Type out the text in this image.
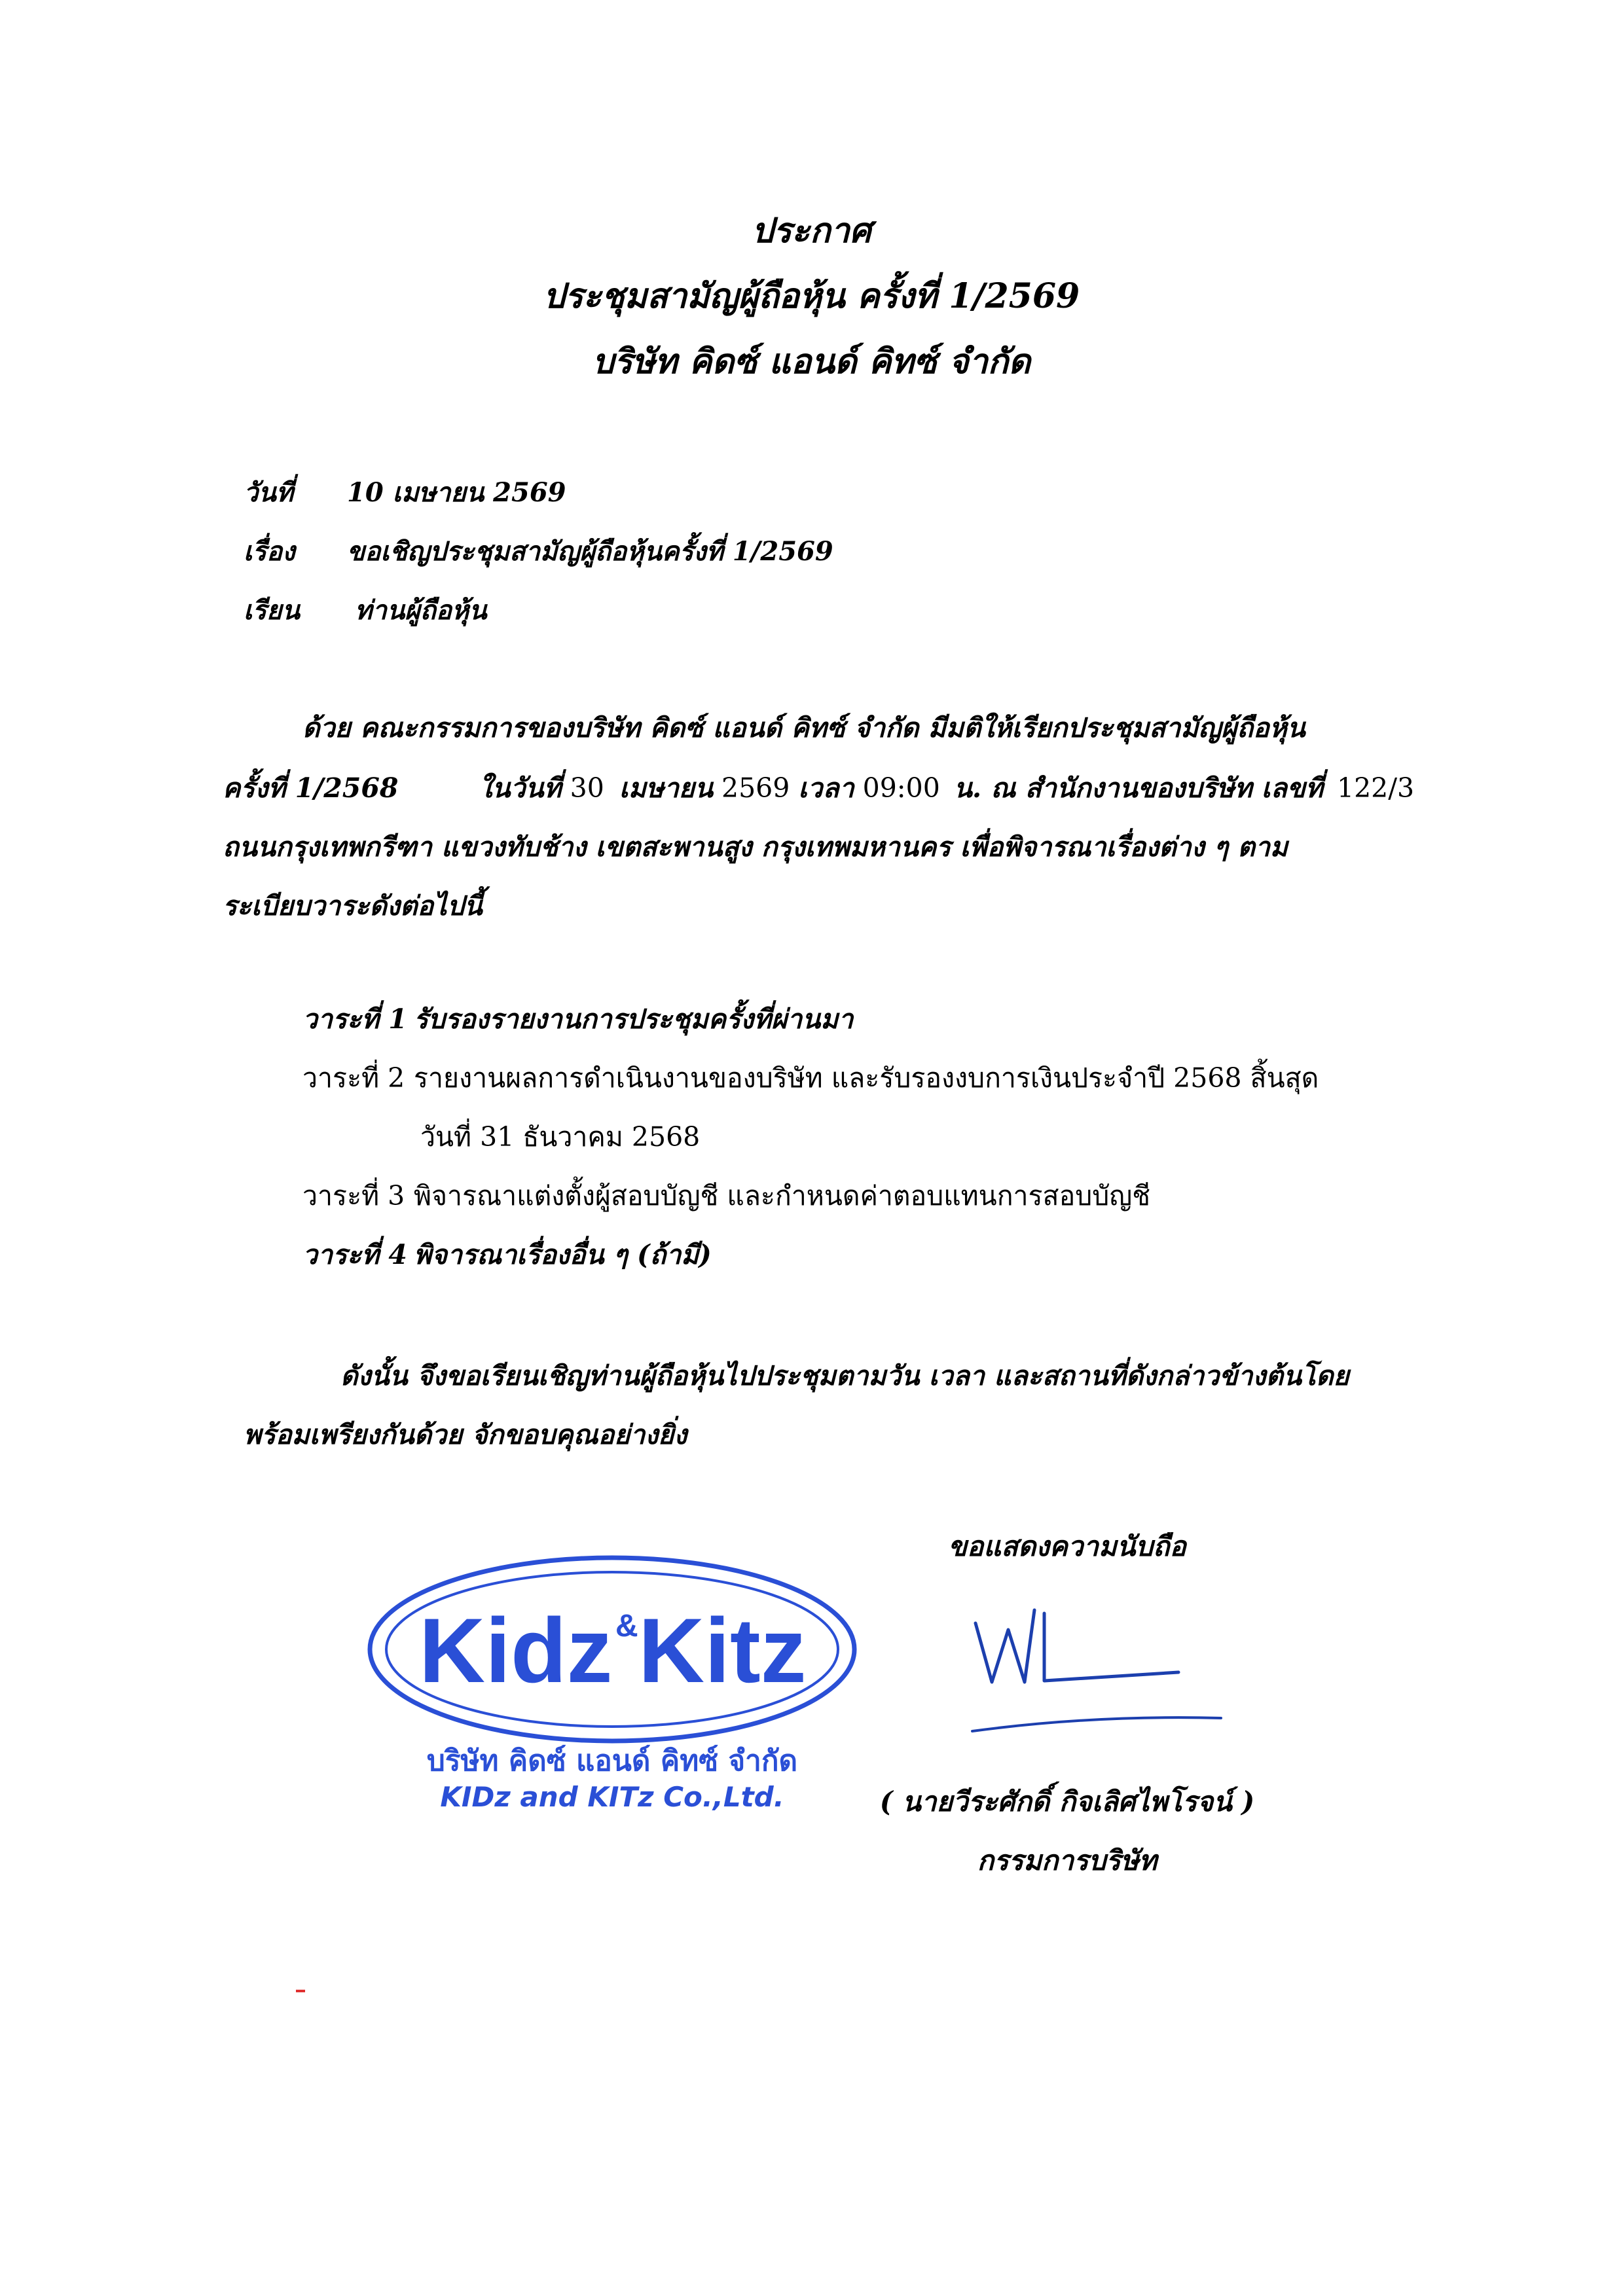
ประกาศ
ประชุมสามัญผู้ถือหุ้น ครั้งที่ 1/2569
บริษัท คิดซ์ แอนด์ คิทซ์ จำกัด
วันที่ 10 เมษายน 2569
เรื่อง ขอเชิญประชุมสามัญผู้ถือหุ้นครั้งที่ 1/2569
เรียน ท่านผู้ถือหุ้น
ด้วย คณะกรรมการของบริษัท คิดซ์ แอนด์ คิทซ์ จำกัด มีมติให้เรียกประชุมสามัญผู้ถือหุ้น
ครั้งที่ 1/2568	ในวันที่ 30 เมษายน 2569 เวลา 09:00 น. ณ สำนักงานของบริษัท เลขที่ 122/3
ถนนกรุงเทพกรีฑา แขวงทับช้าง เขตสะพานสูง กรุงเทพมหานคร เพื่อพิจารณาเรื่องต่าง ๆ ตาม
ระเบียบวาระดังต่อไปนี้
วาระที่ 1 รับรองรายงานการประชุมครั้งที่ผ่านมา
วาระที่ 2 รายงานผลการดำเนินงานของบริษัท และรับรองงบการเงินประจำปี 2568 สิ้นสุด
วันที่ 31 ธันวาคม 2568
วาระที่ 3 พิจารณาแต่งตั้งผู้สอบบัญชี และกำหนดค่าตอบแทนการสอบบัญชี
วาระที่ 4 พิจารณาเรื่องอื่น ๆ (ถ้ามี)
ดังนั้น จึงขอเรียนเชิญท่านผู้ถือหุ้นไปประชุมตามวัน เวลา และสถานที่ดังกล่าวข้างต้นโดย
พร้อมเพรียงกันด้วย จักขอบคุณอย่างยิ่ง
Kidz & Kitz
บริษัท คิดซ์ แอนด์ คิทซ์ จำกัด
KIDz and KITz Co.,Ltd.
ขอแสดงความนับถือ
( นายวีระศักดิ์ กิจเลิศไพโรจน์ )
กรรมการบริษัท
